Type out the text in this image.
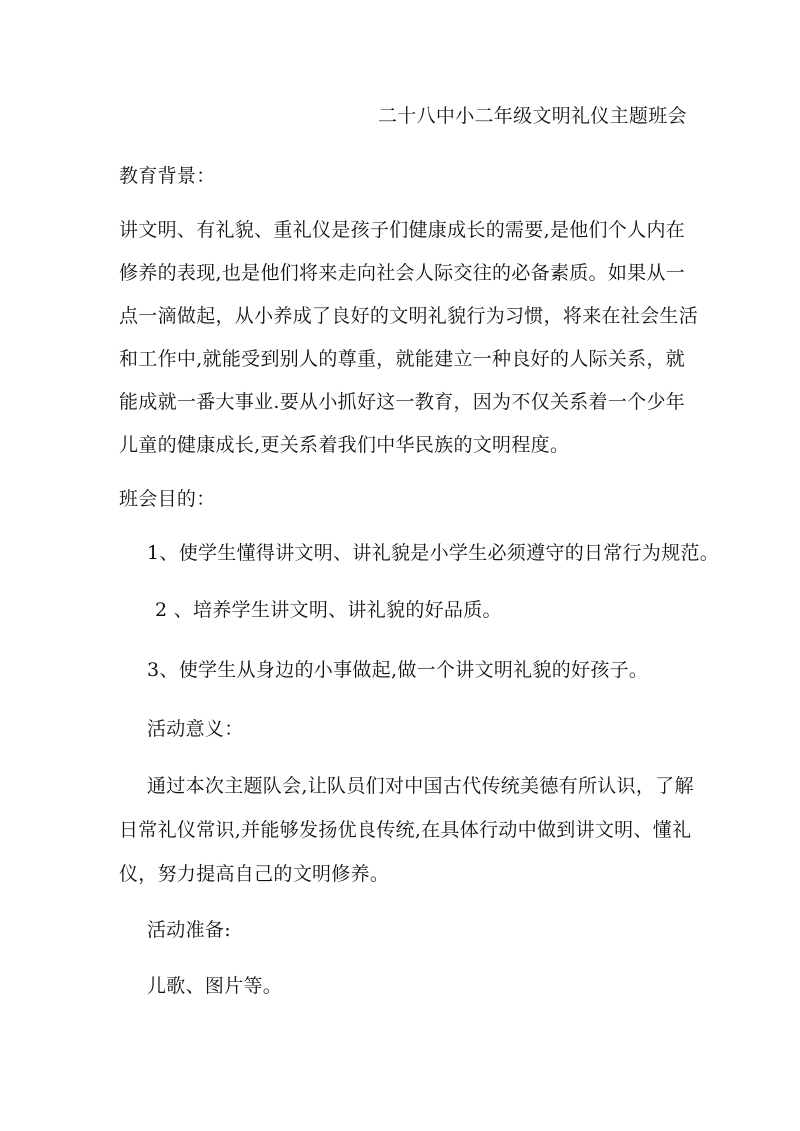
二十八中小二年级文明礼仪主题班会
教育背景：
讲文明、有礼貌、重礼仪是孩子们健康成长的需要,是他们个人内在
修养的表现,也是他们将来走向社会人际交往的必备素质。如果从一
点一滴做起，从小养成了良好的文明礼貌行为习惯，将来在社会生活
和工作中,就能受到别人的尊重，就能建立一种良好的人际关系，就
能成就一番大事业.要从小抓好这一教育，因为不仅关系着一个少年
儿童的健康成长,更关系着我们中华民族的文明程度。
班会目的：
1、使学生懂得讲文明、讲礼貌是小学生必须遵守的日常行为规范。
2 、培养学生讲文明、讲礼貌的好品质。
3、使学生从身边的小事做起,做一个讲文明礼貌的好孩子。
活动意义：
通过本次主题队会,让队员们对中国古代传统美德有所认识，了解
日常礼仪常识,并能够发扬优良传统,在具体行动中做到讲文明、懂礼
仪，努力提高自己的文明修养。
活动准备:
儿歌、图片等。
